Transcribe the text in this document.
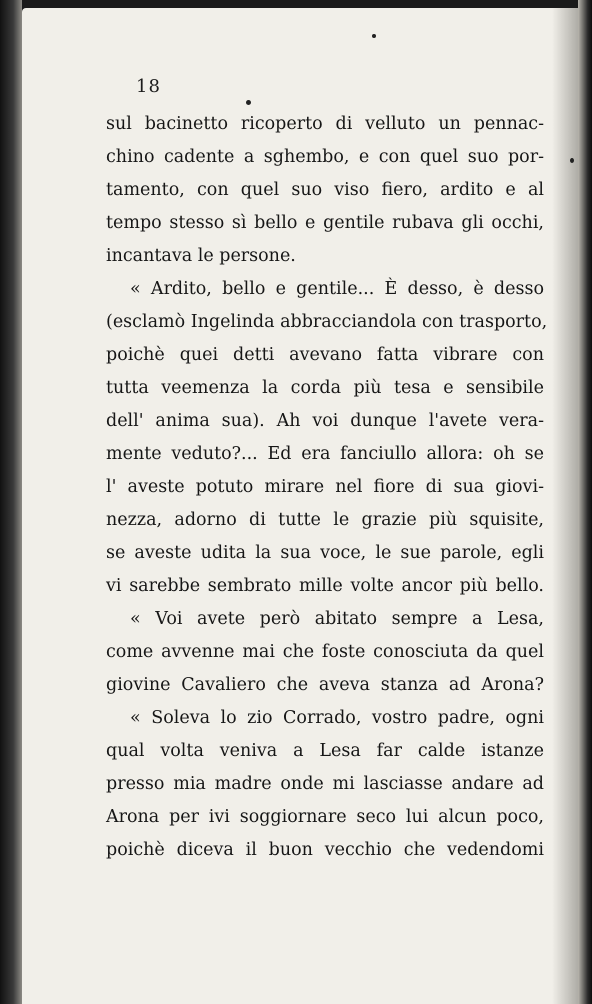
18
sul bacinetto ricoperto di velluto un pennac-
chino cadente a sghembo, e con quel suo por-
tamento, con quel suo viso fiero, ardito e al
tempo stesso sì bello e gentile rubava gli occhi,
incantava le persone.
« Ardito, bello e gentile... È desso, è desso
(esclamò Ingelinda abbracciandola con trasporto,
poichè quei detti avevano fatta vibrare con
tutta veemenza la corda più tesa e sensibile
dell' anima sua). Ah voi dunque l'avete vera-
mente veduto?... Ed era fanciullo allora: oh se
l' aveste potuto mirare nel fiore di sua giovi-
nezza, adorno di tutte le grazie più squisite,
se aveste udita la sua voce, le sue parole, egli
vi sarebbe sembrato mille volte ancor più bello.
« Voi avete però abitato sempre a Lesa,
come avvenne mai che foste conosciuta da quel
giovine Cavaliero che aveva stanza ad Arona?
« Soleva lo zio Corrado, vostro padre, ogni
qual volta veniva a Lesa far calde istanze
presso mia madre onde mi lasciasse andare ad
Arona per ivi soggiornare seco lui alcun poco,
poichè diceva il buon vecchio che vedendomi
